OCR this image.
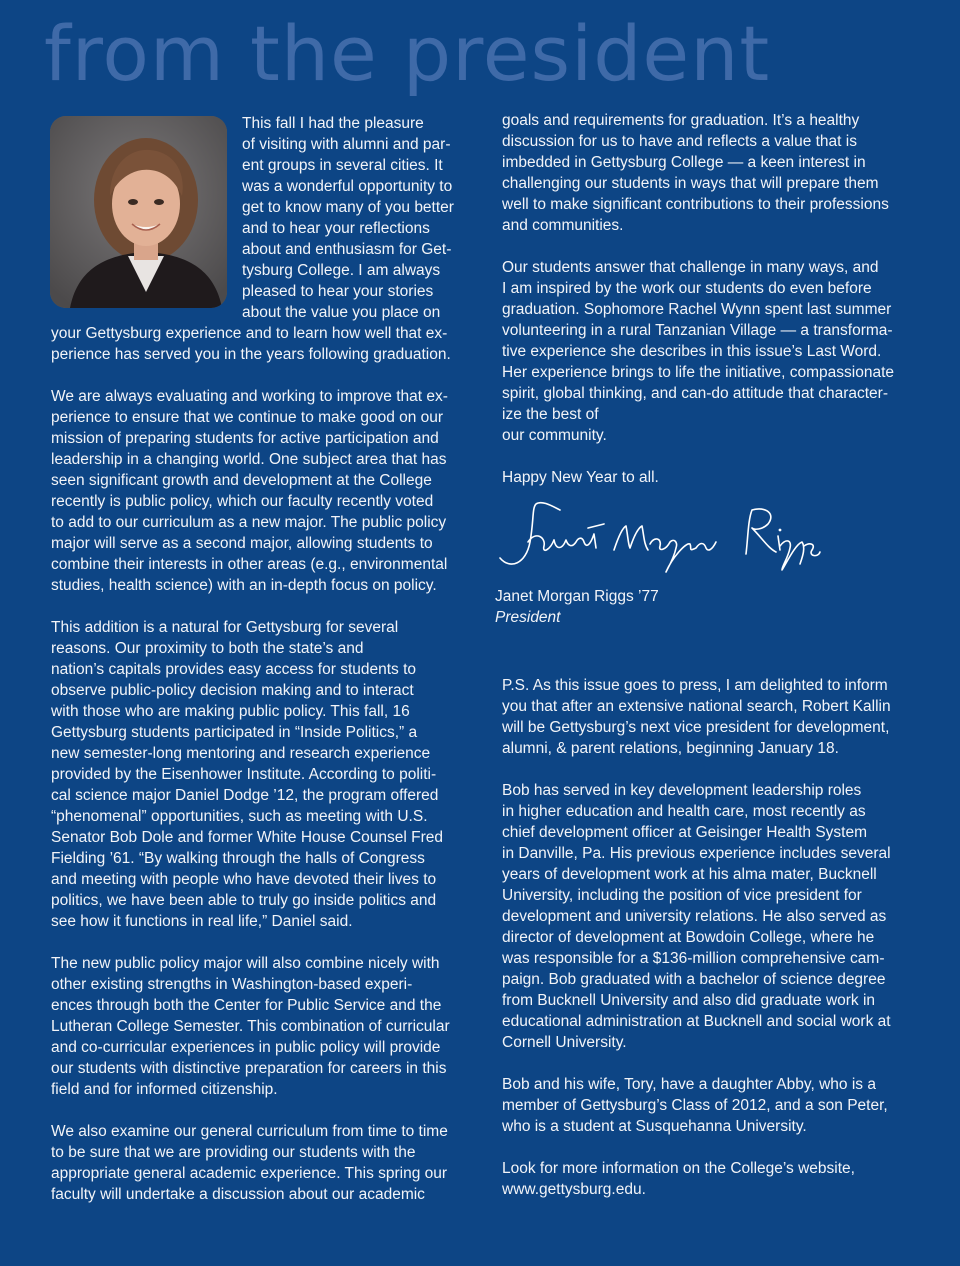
from the president

This fall I had the pleasure

of visiting with alumni and par-

ent groups in several cities. It

was a wonderful opportunity to

get to know many of you better

and to hear your reflections

about and enthusiasm for Get-

tysburg College. I am always

pleased to hear your stories

about the value you place on

your Gettysburg experience and to learn how well that ex-

perience has served you in the years following graduation.

We are always evaluating and working to improve that ex-

perience to ensure that we continue to make good on our

mission of preparing students for active participation and

leadership in a changing world. One subject area that has

seen significant growth and development at the College

recently is public policy, which our faculty recently voted

to add to our curriculum as a new major. The public policy

major will serve as a second major, allowing students to

combine their interests in other areas (e.g., environmental

studies, health science) with an in-depth focus on policy.

This addition is a natural for Gettysburg for several

reasons. Our proximity to both the state’s and

nation’s capitals provides easy access for students to

observe public-policy decision making and to interact

with those who are making public policy. This fall, 16

Gettysburg students participated in “Inside Politics,” a

new semester-long mentoring and research experience

provided by the Eisenhower Institute. According to politi-

cal science major Daniel Dodge ’12, the program offered

“phenomenal” opportunities, such as meeting with U.S.

Senator Bob Dole and former White House Counsel Fred

Fielding ’61. “By walking through the halls of Congress

and meeting with people who have devoted their lives to

politics, we have been able to truly go inside politics and

see how it functions in real life,” Daniel said.

The new public policy major will also combine nicely with

other existing strengths in Washington-based experi-

ences through both the Center for Public Service and the

Lutheran College Semester. This combination of curricular

and co-curricular experiences in public policy will provide

our students with distinctive preparation for careers in this

field and for informed citizenship.

We also examine our general curriculum from time to time

to be sure that we are providing our students with the

appropriate general academic experience. This spring our

faculty will undertake a discussion about our academic

goals and requirements for graduation. It’s a healthy

discussion for us to have and reflects a value that is

imbedded in Gettysburg College — a keen interest in

challenging our students in ways that will prepare them

well to make significant contributions to their professions

and communities.

Our students answer that challenge in many ways, and

I am inspired by the work our students do even before

graduation. Sophomore Rachel Wynn spent last summer

volunteering in a rural Tanzanian Village — a transforma-

tive experience she describes in this issue’s Last Word.

Her experience brings to life the initiative, compassionate

spirit, global thinking, and can-do attitude that character-

ize the best of

our community.

Happy New Year to all.

Janet Morgan Riggs ’77
President

P.S. As this issue goes to press, I am delighted to inform

you that after an extensive national search, Robert Kallin

will be Gettysburg’s next vice president for development,

alumni, & parent relations, beginning January 18.

Bob has served in key development leadership roles

in higher education and health care, most recently as

chief development officer at Geisinger Health System

in Danville, Pa. His previous experience includes several

years of development work at his alma mater, Bucknell

University, including the position of vice president for

development and university relations. He also served as

director of development at Bowdoin College, where he

was responsible for a $136-million comprehensive cam-

paign. Bob graduated with a bachelor of science degree

from Bucknell University and also did graduate work in

educational administration at Bucknell and social work at

Cornell University.

Bob and his wife, Tory, have a daughter Abby, who is a

member of Gettysburg’s Class of 2012, and a son Peter,

who is a student at Susquehanna University.

Look for more information on the College’s website,

www.gettysburg.edu.
